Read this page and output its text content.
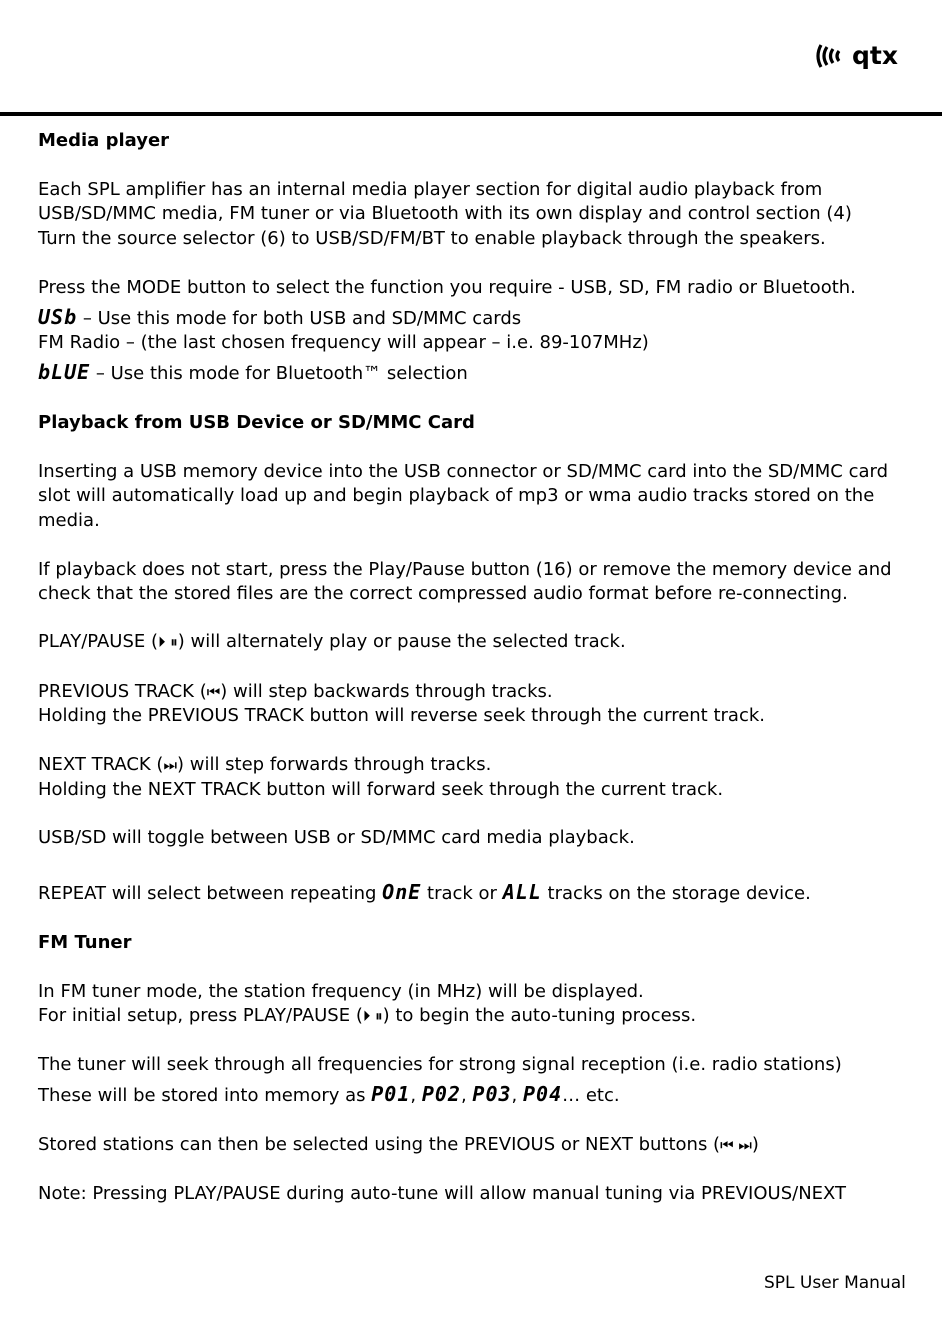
qtx
Media player
Each SPL amplifier has an internal media player section for digital audio playback from
USB/SD/MMC media, FM tuner or via Bluetooth with its own display and control section (4)
Turn the source selector (6) to USB/SD/FM/BT to enable playback through the speakers.
Press the MODE button to select the function you require - USB, SD, FM radio or Bluetooth.
USb – Use this mode for both USB and SD/MMC cards
FM Radio – (the last chosen frequency will appear – i.e. 89-107MHz)
bLUE – Use this mode for Bluetooth™ selection
Playback from USB Device or SD/MMC Card
Inserting a USB memory device into the USB connector or SD/MMC card into the SD/MMC card
slot will automatically load up and begin playback of mp3 or wma audio tracks stored on the
media.
If playback does not start, press the Play/Pause button (16) or remove the memory device and
check that the stored files are the correct compressed audio format before re-connecting.
PLAY/PAUSE (⏵ ⏸) will alternately play or pause the selected track.
PREVIOUS TRACK (⏮) will step backwards through tracks.
Holding the PREVIOUS TRACK button will reverse seek through the current track.
NEXT TRACK (⏭) will step forwards through tracks.
Holding the NEXT TRACK button will forward seek through the current track.
USB/SD will toggle between USB or SD/MMC card media playback.
REPEAT will select between repeating OnE track or ALL tracks on the storage device.
FM Tuner
In FM tuner mode, the station frequency (in MHz) will be displayed.
For initial setup, press PLAY/PAUSE (⏵ ⏸) to begin the auto-tuning process.
The tuner will seek through all frequencies for strong signal reception (i.e. radio stations)
These will be stored into memory as P01, P02, P03, P04… etc.
Stored stations can then be selected using the PREVIOUS or NEXT buttons (⏮ ⏭)
Note: Pressing PLAY/PAUSE during auto-tune will allow manual tuning via PREVIOUS/NEXT
SPL User Manual
